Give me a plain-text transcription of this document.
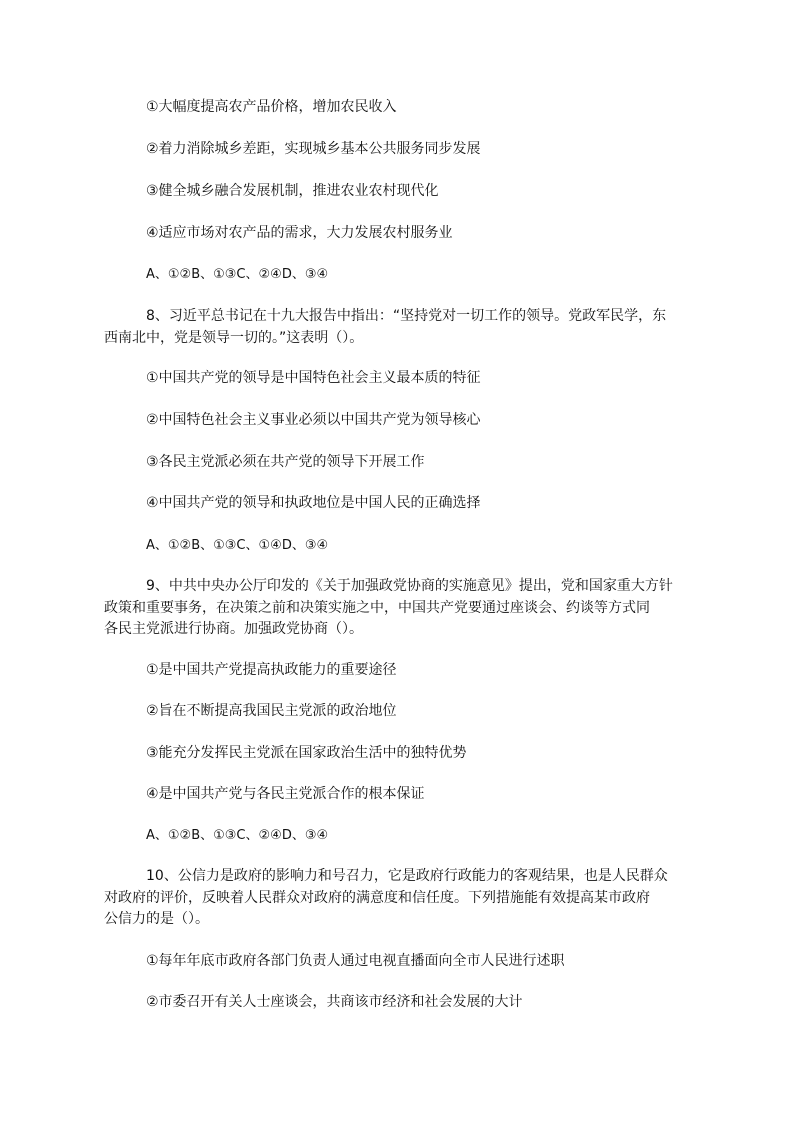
①大幅度提高农产品价格，增加农民收入
②着力消除城乡差距，实现城乡基本公共服务同步发展
③健全城乡融合发展机制，推进农业农村现代化
④适应市场对农产品的需求，大力发展农村服务业
A、①②B、①③C、②④D、③④
8、习近平总书记在十九大报告中指出：“坚持党对一切工作的领导。党政军民学，东
西南北中，党是领导一切的。”这表明（）。
①中国共产党的领导是中国特色社会主义最本质的特征
②中国特色社会主义事业必须以中国共产党为领导核心
③各民主党派必须在共产党的领导下开展工作
④中国共产党的领导和执政地位是中国人民的正确选择
A、①②B、①③C、①④D、③④
9、中共中央办公厅印发的《关于加强政党协商的实施意见》提出，党和国家重大方针
政策和重要事务，在决策之前和决策实施之中，中国共产党要通过座谈会、约谈等方式同
各民主党派进行协商。加强政党协商（）。
①是中国共产党提高执政能力的重要途径
②旨在不断提高我国民主党派的政治地位
③能充分发挥民主党派在国家政治生活中的独特优势
④是中国共产党与各民主党派合作的根本保证
A、①②B、①③C、②④D、③④
10、公信力是政府的影响力和号召力，它是政府行政能力的客观结果，也是人民群众
对政府的评价，反映着人民群众对政府的满意度和信任度。下列措施能有效提高某市政府
公信力的是（）。
①每年年底市政府各部门负责人通过电视直播面向全市人民进行述职
②市委召开有关人士座谈会，共商该市经济和社会发展的大计
